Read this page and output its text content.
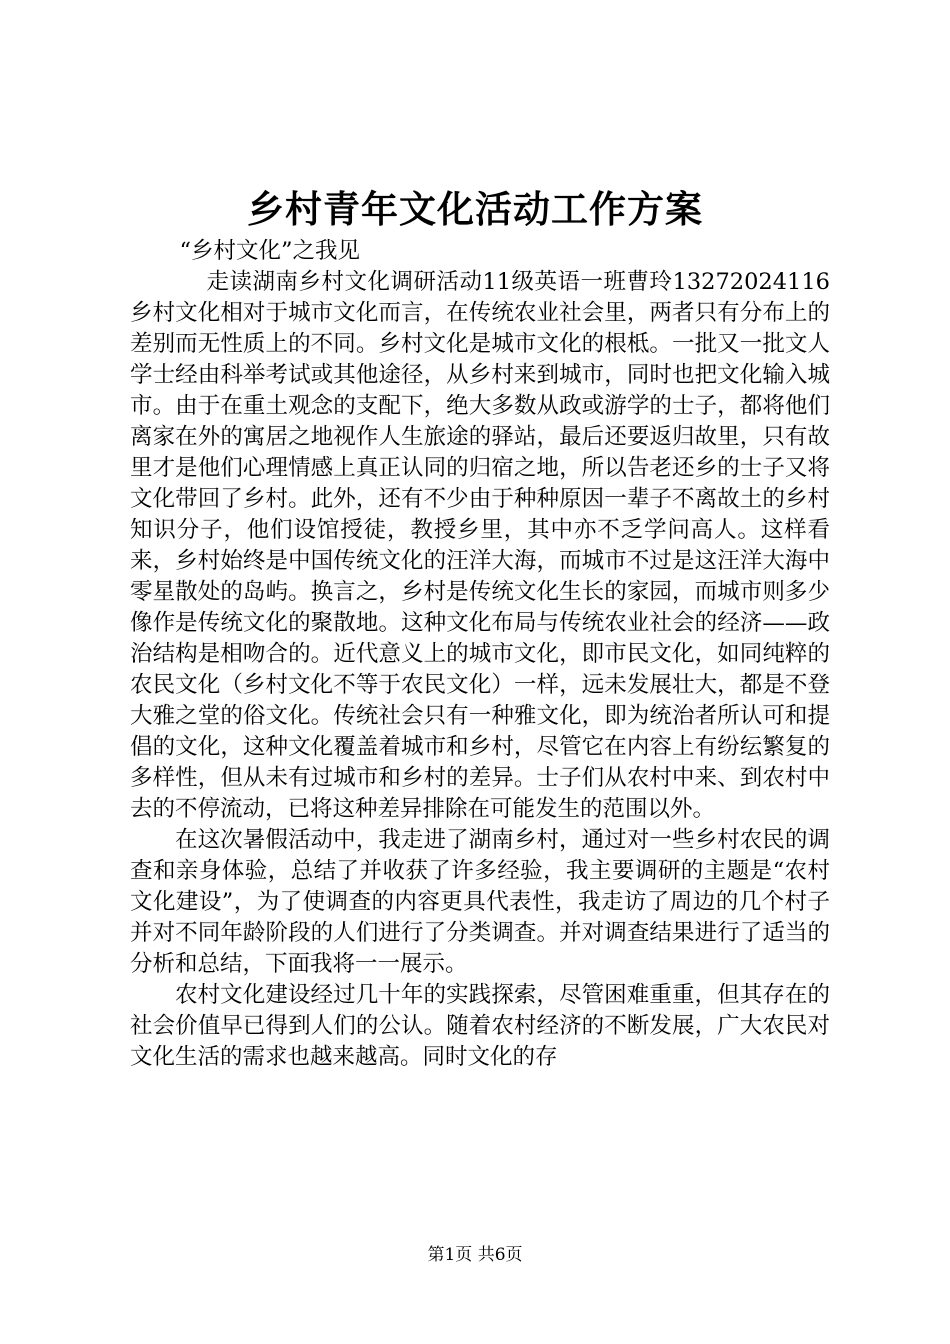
乡村青年文化活动工作方案

“乡村文化”之我见

走读湖南乡村文化调研活动11级英语一班曹玲13272024116乡村文化相对于城市文化而言，在传统农业社会里，两者只有分布上的差别而无性质上的不同。乡村文化是城市文化的根柢。一批又一批文人学士经由科举考试或其他途径，从乡村来到城市，同时也把文化输入城市。由于在重土观念的支配下，绝大多数从政或游学的士子，都将他们离家在外的寓居之地视作人生旅途的驿站，最后还要返归故里，只有故里才是他们心理情感上真正认同的归宿之地，所以告老还乡的士子又将文化带回了乡村。此外，还有不少由于种种原因一辈子不离故土的乡村知识分子，他们设馆授徒，教授乡里，其中亦不乏学问高人。这样看来，乡村始终是中国传统文化的汪洋大海，而城市不过是这汪洋大海中零星散处的岛屿。换言之，乡村是传统文化生长的家园，而城市则多少像作是传统文化的聚散地。这种文化布局与传统农业社会的经济——政治结构是相吻合的。近代意义上的城市文化，即市民文化，如同纯粹的农民文化（乡村文化不等于农民文化）一样，远未发展壮大，都是不登大雅之堂的俗文化。传统社会只有一种雅文化，即为统治者所认可和提倡的文化，这种文化覆盖着城市和乡村，尽管它在内容上有纷纭繁复的多样性，但从未有过城市和乡村的差异。士子们从农村中来、到农村中去的不停流动，已将这种差异排除在可能发生的范围以外。

在这次暑假活动中，我走进了湖南乡村，通过对一些乡村农民的调查和亲身体验，总结了并收获了许多经验，我主要调研的主题是“农村文化建设”，为了使调查的内容更具代表性，我走访了周边的几个村子并对不同年龄阶段的人们进行了分类调查。并对调查结果进行了适当的分析和总结，下面我将一一展示。

农村文化建设经过几十年的实践探索，尽管困难重重，但其存在的社会价值早已得到人们的公认。随着农村经济的不断发展，广大农民对文化生活的需求也越来越高。同时文化的存

第1页 共6页
